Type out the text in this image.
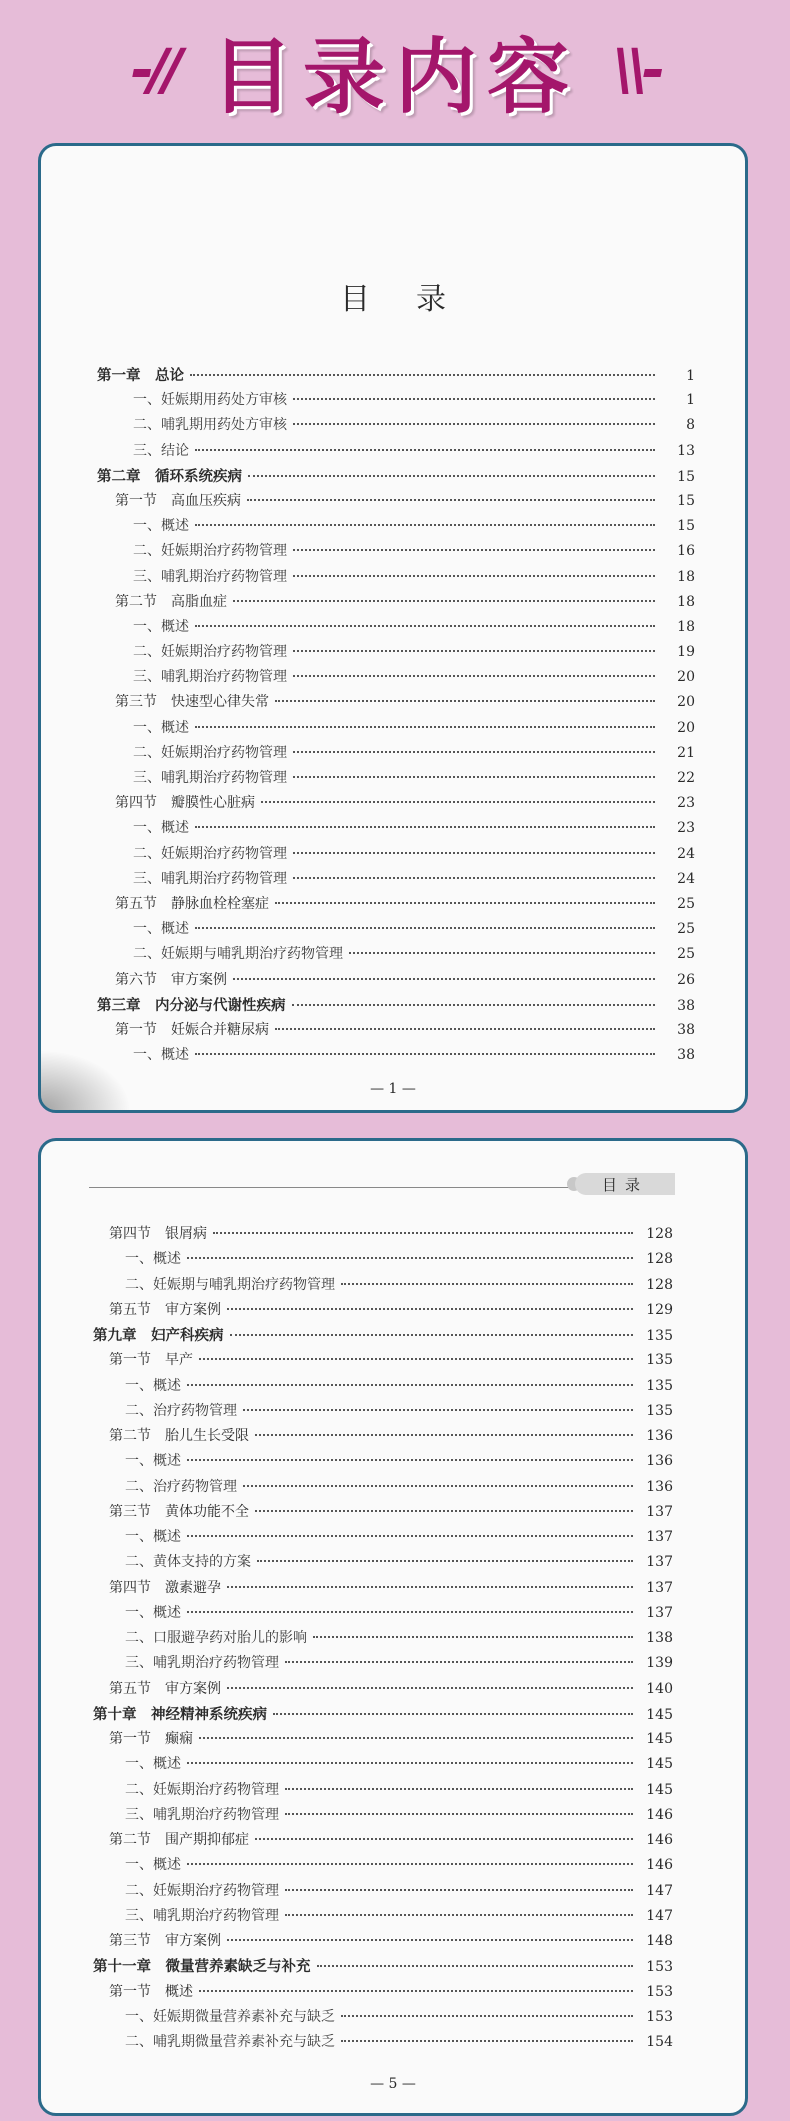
-// 目录内容 \\-
目录
第一章　总论	1
一、妊娠期用药处方审核	1
二、哺乳期用药处方审核	8
三、结论	13
第二章　循环系统疾病	15
第一节　高血压疾病	15
一、概述	15
二、妊娠期治疗药物管理	16
三、哺乳期治疗药物管理	18
第二节　高脂血症	18
一、概述	18
二、妊娠期治疗药物管理	19
三、哺乳期治疗药物管理	20
第三节　快速型心律失常	20
一、概述	20
二、妊娠期治疗药物管理	21
三、哺乳期治疗药物管理	22
第四节　瓣膜性心脏病	23
一、概述	23
二、妊娠期治疗药物管理	24
三、哺乳期治疗药物管理	24
第五节　静脉血栓栓塞症	25
一、概述	25
二、妊娠期与哺乳期治疗药物管理	25
第六节　审方案例	26
第三章　内分泌与代谢性疾病	38
第一节　妊娠合并糖尿病	38
一、概述	38
— 1 —
目录
第四节　银屑病	128
一、概述	128
二、妊娠期与哺乳期治疗药物管理	128
第五节　审方案例	129
第九章　妇产科疾病	135
第一节　早产	135
一、概述	135
二、治疗药物管理	135
第二节　胎儿生长受限	136
一、概述	136
二、治疗药物管理	136
第三节　黄体功能不全	137
一、概述	137
二、黄体支持的方案	137
第四节　激素避孕	137
一、概述	137
二、口服避孕药对胎儿的影响	138
三、哺乳期治疗药物管理	139
第五节　审方案例	140
第十章　神经精神系统疾病	145
第一节　癫痫	145
一、概述	145
二、妊娠期治疗药物管理	145
三、哺乳期治疗药物管理	146
第二节　围产期抑郁症	146
一、概述	146
二、妊娠期治疗药物管理	147
三、哺乳期治疗药物管理	147
第三节　审方案例	148
第十一章　微量营养素缺乏与补充	153
第一节　概述	153
一、妊娠期微量营养素补充与缺乏	153
二、哺乳期微量营养素补充与缺乏	154
— 5 —
